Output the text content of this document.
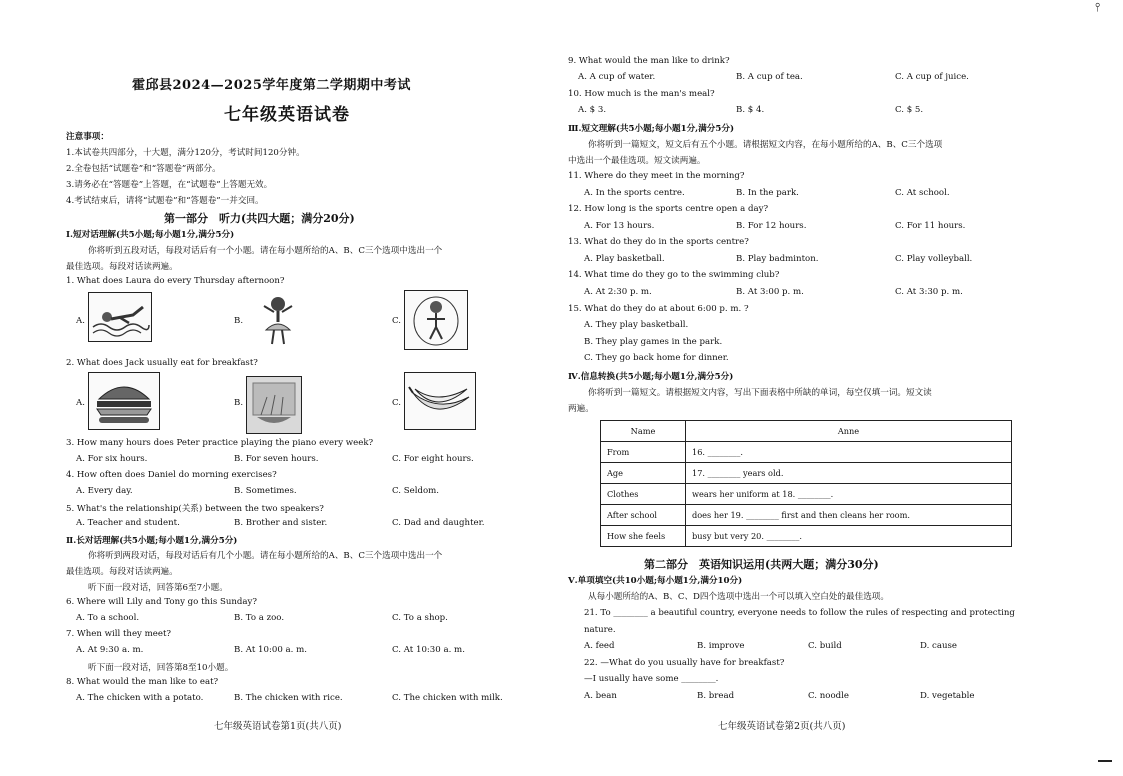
霍邱县2024—2025学年度第二学期期中考试
七年级英语试卷
注意事项：
1.本试卷共四部分，十大题，满分120分，考试时间120分钟。
2.全卷包括“试题卷”和“答题卷”两部分。
3.请务必在“答题卷”上答题，在“试题卷”上答题无效。
4.考试结束后，请将“试题卷”和“答题卷”一并交回。
第一部分　听力(共四大题；满分20分)
Ⅰ.短对话理解(共5小题;每小题1分,满分5分)
你将听到五段对话，每段对话后有一个小题。请在每小题所给的A、B、C三个选项中选出一个
最佳选项。每段对话读两遍。
1. What does Laura do every Thursday afternoon?
A.	B.	C.
2. What does Jack usually eat for breakfast?
A.	B.	C.
3. How many hours does Peter practice playing the piano every week?
A. For six hours.	B. For seven hours.	C. For eight hours.
4. How often does Daniel do morning exercises?
A. Every day.	B. Sometimes.	C. Seldom.
5. What's the relationship(关系) between the two speakers?
A. Teacher and student.	B. Brother and sister.	C. Dad and daughter.
Ⅱ.长对话理解(共5小题;每小题1分,满分5分)
你将听到两段对话，每段对话后有几个小题。请在每小题所给的A、B、C三个选项中选出一个
最佳选项。每段对话读两遍。
听下面一段对话，回答第6至7小题。
6. Where will Lily and Tony go this Sunday?
A. To a school.	B. To a zoo.	C. To a shop.
7. When will they meet?
A. At 9:30 a. m.	B. At 10:00 a. m.	C. At 10:30 a. m.
听下面一段对话，回答第8至10小题。
8. What would the man like to eat?
A. The chicken with a potato.	B. The chicken with rice.	C. The chicken with milk.
七年级英语试卷第1页(共八页)
⫯
9. What would the man like to drink?
A. A cup of water.	B. A cup of tea.	C. A cup of juice.
10. How much is the man's meal?
A. $ 3.	B. $ 4.	C. $ 5.
Ⅲ.短文理解(共5小题;每小题1分,满分5分)
你将听到一篇短文，短文后有五个小题。请根据短文内容，在每小题所给的A、B、C三个选项
中选出一个最佳选项。短文读两遍。
11. Where do they meet in the morning?
A. In the sports centre.	B. In the park.	C. At school.
12. How long is the sports centre open a day?
A. For 13 hours.	B. For 12 hours.	C. For 11 hours.
13. What do they do in the sports centre?
A. Play basketball.	B. Play badminton.	C. Play volleyball.
14. What time do they go to the swimming club?
A. At 2:30 p. m.	B. At 3:00 p. m.	C. At 3:30 p. m.
15. What do they do at about 6:00 p. m. ?
A. They play basketball.
B. They play games in the park.
C. They go back home for dinner.
Ⅳ.信息转换(共5小题;每小题1分,满分5分)
你将听到一篇短文。请根据短文内容，写出下面表格中所缺的单词，每空仅填一词。短文读
两遍。
Name	Anne
From	16. ________.
Age	17. ________ years old.
Clothes	wears her uniform at 18. ________.
After school	does her 19. ________ first and then cleans her room.
How she feels	busy but very 20. ________.
第二部分　英语知识运用(共两大题；满分30分)
Ⅴ.单项填空(共10小题;每小题1分,满分10分)
从每小题所给的A、B、C、D四个选项中选出一个可以填入空白处的最佳选项。
21. To ________ a beautiful country, everyone needs to follow the rules of respecting and protecting
nature.
A. feed	B. improve	C. build	D. cause
22. —What do you usually have for breakfast?
—I usually have some ________.
A. bean	B. bread	C. noodle	D. vegetable
七年级英语试卷第2页(共八页)
